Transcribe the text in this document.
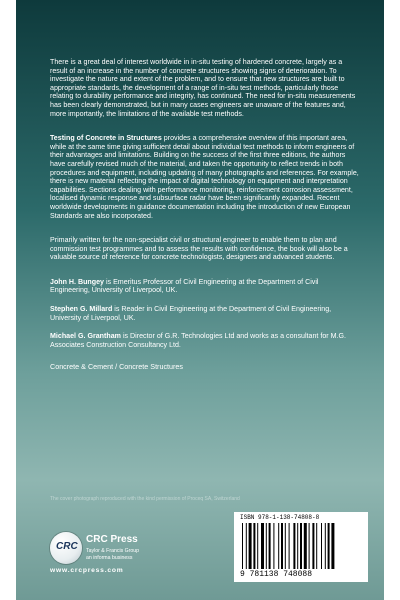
There is a great deal of interest worldwide in in-situ testing of hardened concrete, largely as a result of an increase in the number of concrete structures showing signs of deterioration. To investigate the nature and extent of the problem, and to ensure that new structures are built to appropriate standards, the development of a range of in-situ test methods, particularly those relating to durability performance and integrity, has continued. The need for in-situ measurements has been clearly demonstrated, but in many cases engineers are unaware of the features and, more importantly, the limitations of the available test methods.

Testing of Concrete in Structures provides a comprehensive overview of this important area, while at the same time giving sufficient detail about individual test methods to inform engineers of their advantages and limitations. Building on the success of the first three editions, the authors have carefully revised much of the material, and taken the opportunity to reflect trends in both procedures and equipment, including updating of many photographs and references. For example, there is new material reflecting the impact of digital technology on equipment and interpretation capabilities. Sections dealing with performance monitoring, reinforcement corrosion assessment, localised dynamic response and subsurface radar have been significantly expanded. Recent worldwide developments in guidance documentation including the introduction of new European Standards are also incorporated.

Primarily written for the non-specialist civil or structural engineer to enable them to plan and commission test programmes and to assess the results with confidence, the book will also be a valuable source of reference for concrete technologists, designers and advanced students.

John H. Bungey is Emeritus Professor of Civil Engineering at the Department of Civil Engineering, University of Liverpool, UK.

Stephen G. Millard is Reader in Civil Engineering at the Department of Civil Engineering, University of Liverpool, UK.

Michael G. Grantham is Director of G.R. Technologies Ltd and works as a consultant for M.G. Associates Construction Consultancy Ltd.

Concrete & Cement / Concrete Structures

The cover photograph reproduced with the kind permission of Proceq SA, Switzerland
CRC
CRC Press
Taylor & Francis Group
an informa business
www.crcpress.com
ISBN 978-1-138-74808-8
9 781138 748088
